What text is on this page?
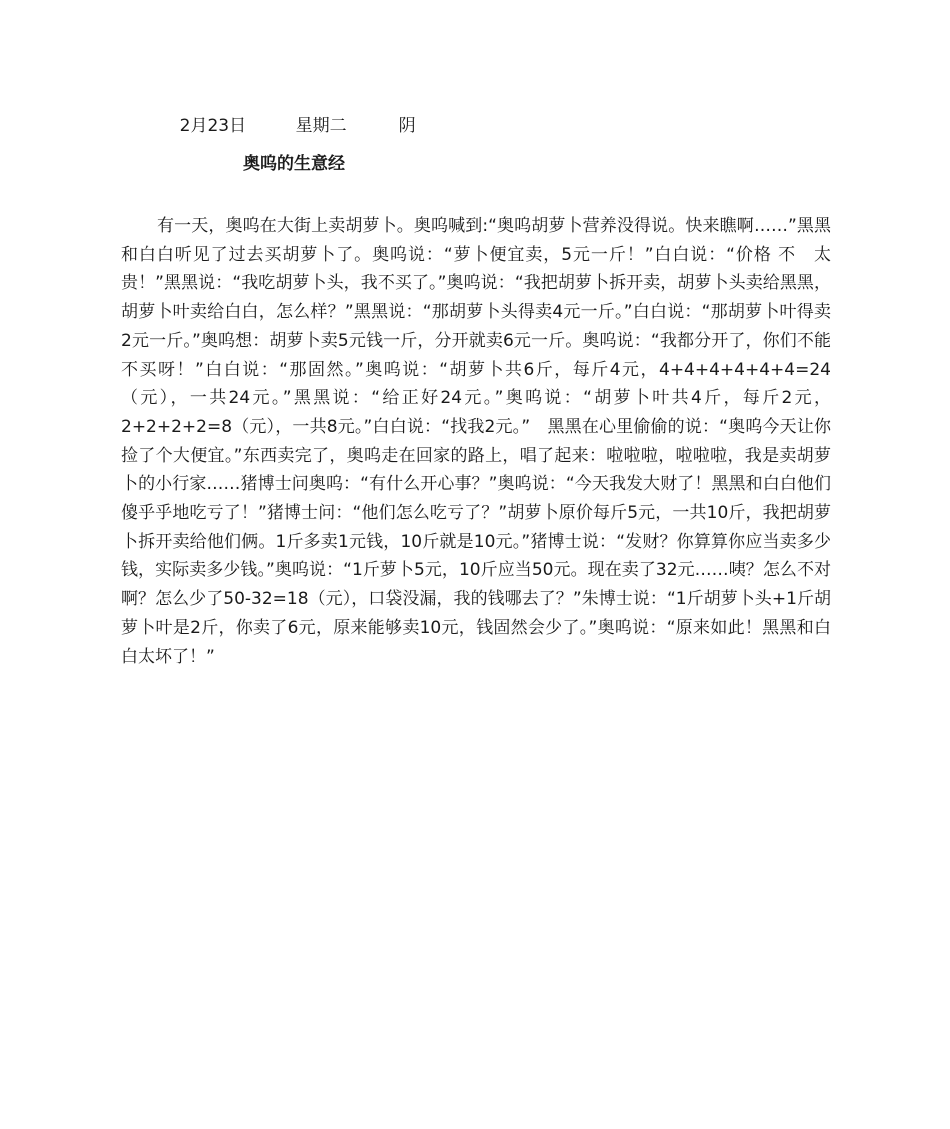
2月23日	星期二	阴

奥呜的生意经

有一天，奥呜在大街上卖胡萝卜。奥呜喊到:“奥呜胡萝卜营养没得说。快来瞧啊……”黑黑和白白听见了过去买胡萝卜了。奥呜说：“萝卜便宜卖，5元一斤！”白白说：“价格 不　太贵！”黑黑说：“我吃胡萝卜头，我不买了。”奥呜说：“我把胡萝卜拆开卖，胡萝卜头卖给黑黑，胡萝卜叶卖给白白，怎么样？”黑黑说：“那胡萝卜头得卖4元一斤。”白白说：“那胡萝卜叶得卖2元一斤。”奥呜想：胡萝卜卖5元钱一斤，分开就卖6元一斤。奥呜说：“我都分开了，你们不能不买呀！”白白说：“那固然。”奥呜说：“胡萝卜共6斤，每斤4元，4+4+4+4+4+4=24（元），一共24元。”黑黑说：“给正好24元。”奥呜说：“胡萝卜叶共4斤，每斤2元，2+2+2+2=8（元），一共8元。”白白说：“找我2元。”　黑黑在心里偷偷的说：“奥呜今天让你捡了个大便宜。”东西卖完了，奥呜走在回家的路上，唱了起来：啦啦啦，啦啦啦，我是卖胡萝卜的小行家……猪博士问奥呜：“有什么开心事？”奥呜说：“今天我发大财了！黑黑和白白他们傻乎乎地吃亏了！”猪博士问：“他们怎么吃亏了？”胡萝卜原价每斤5元，一共10斤，我把胡萝卜拆开卖给他们俩。1斤多卖1元钱，10斤就是10元。”猪博士说：“发财？你算算你应当卖多少钱，实际卖多少钱。”奥呜说：“1斤萝卜5元，10斤应当50元。现在卖了32元……咦？怎么不对啊？怎么少了50-32=18（元），口袋没漏，我的钱哪去了？”朱博士说：“1斤胡萝卜头+1斤胡萝卜叶是2斤，你卖了6元，原来能够卖10元，钱固然会少了。”奥呜说：“原来如此！黑黑和白白太坏了！”
